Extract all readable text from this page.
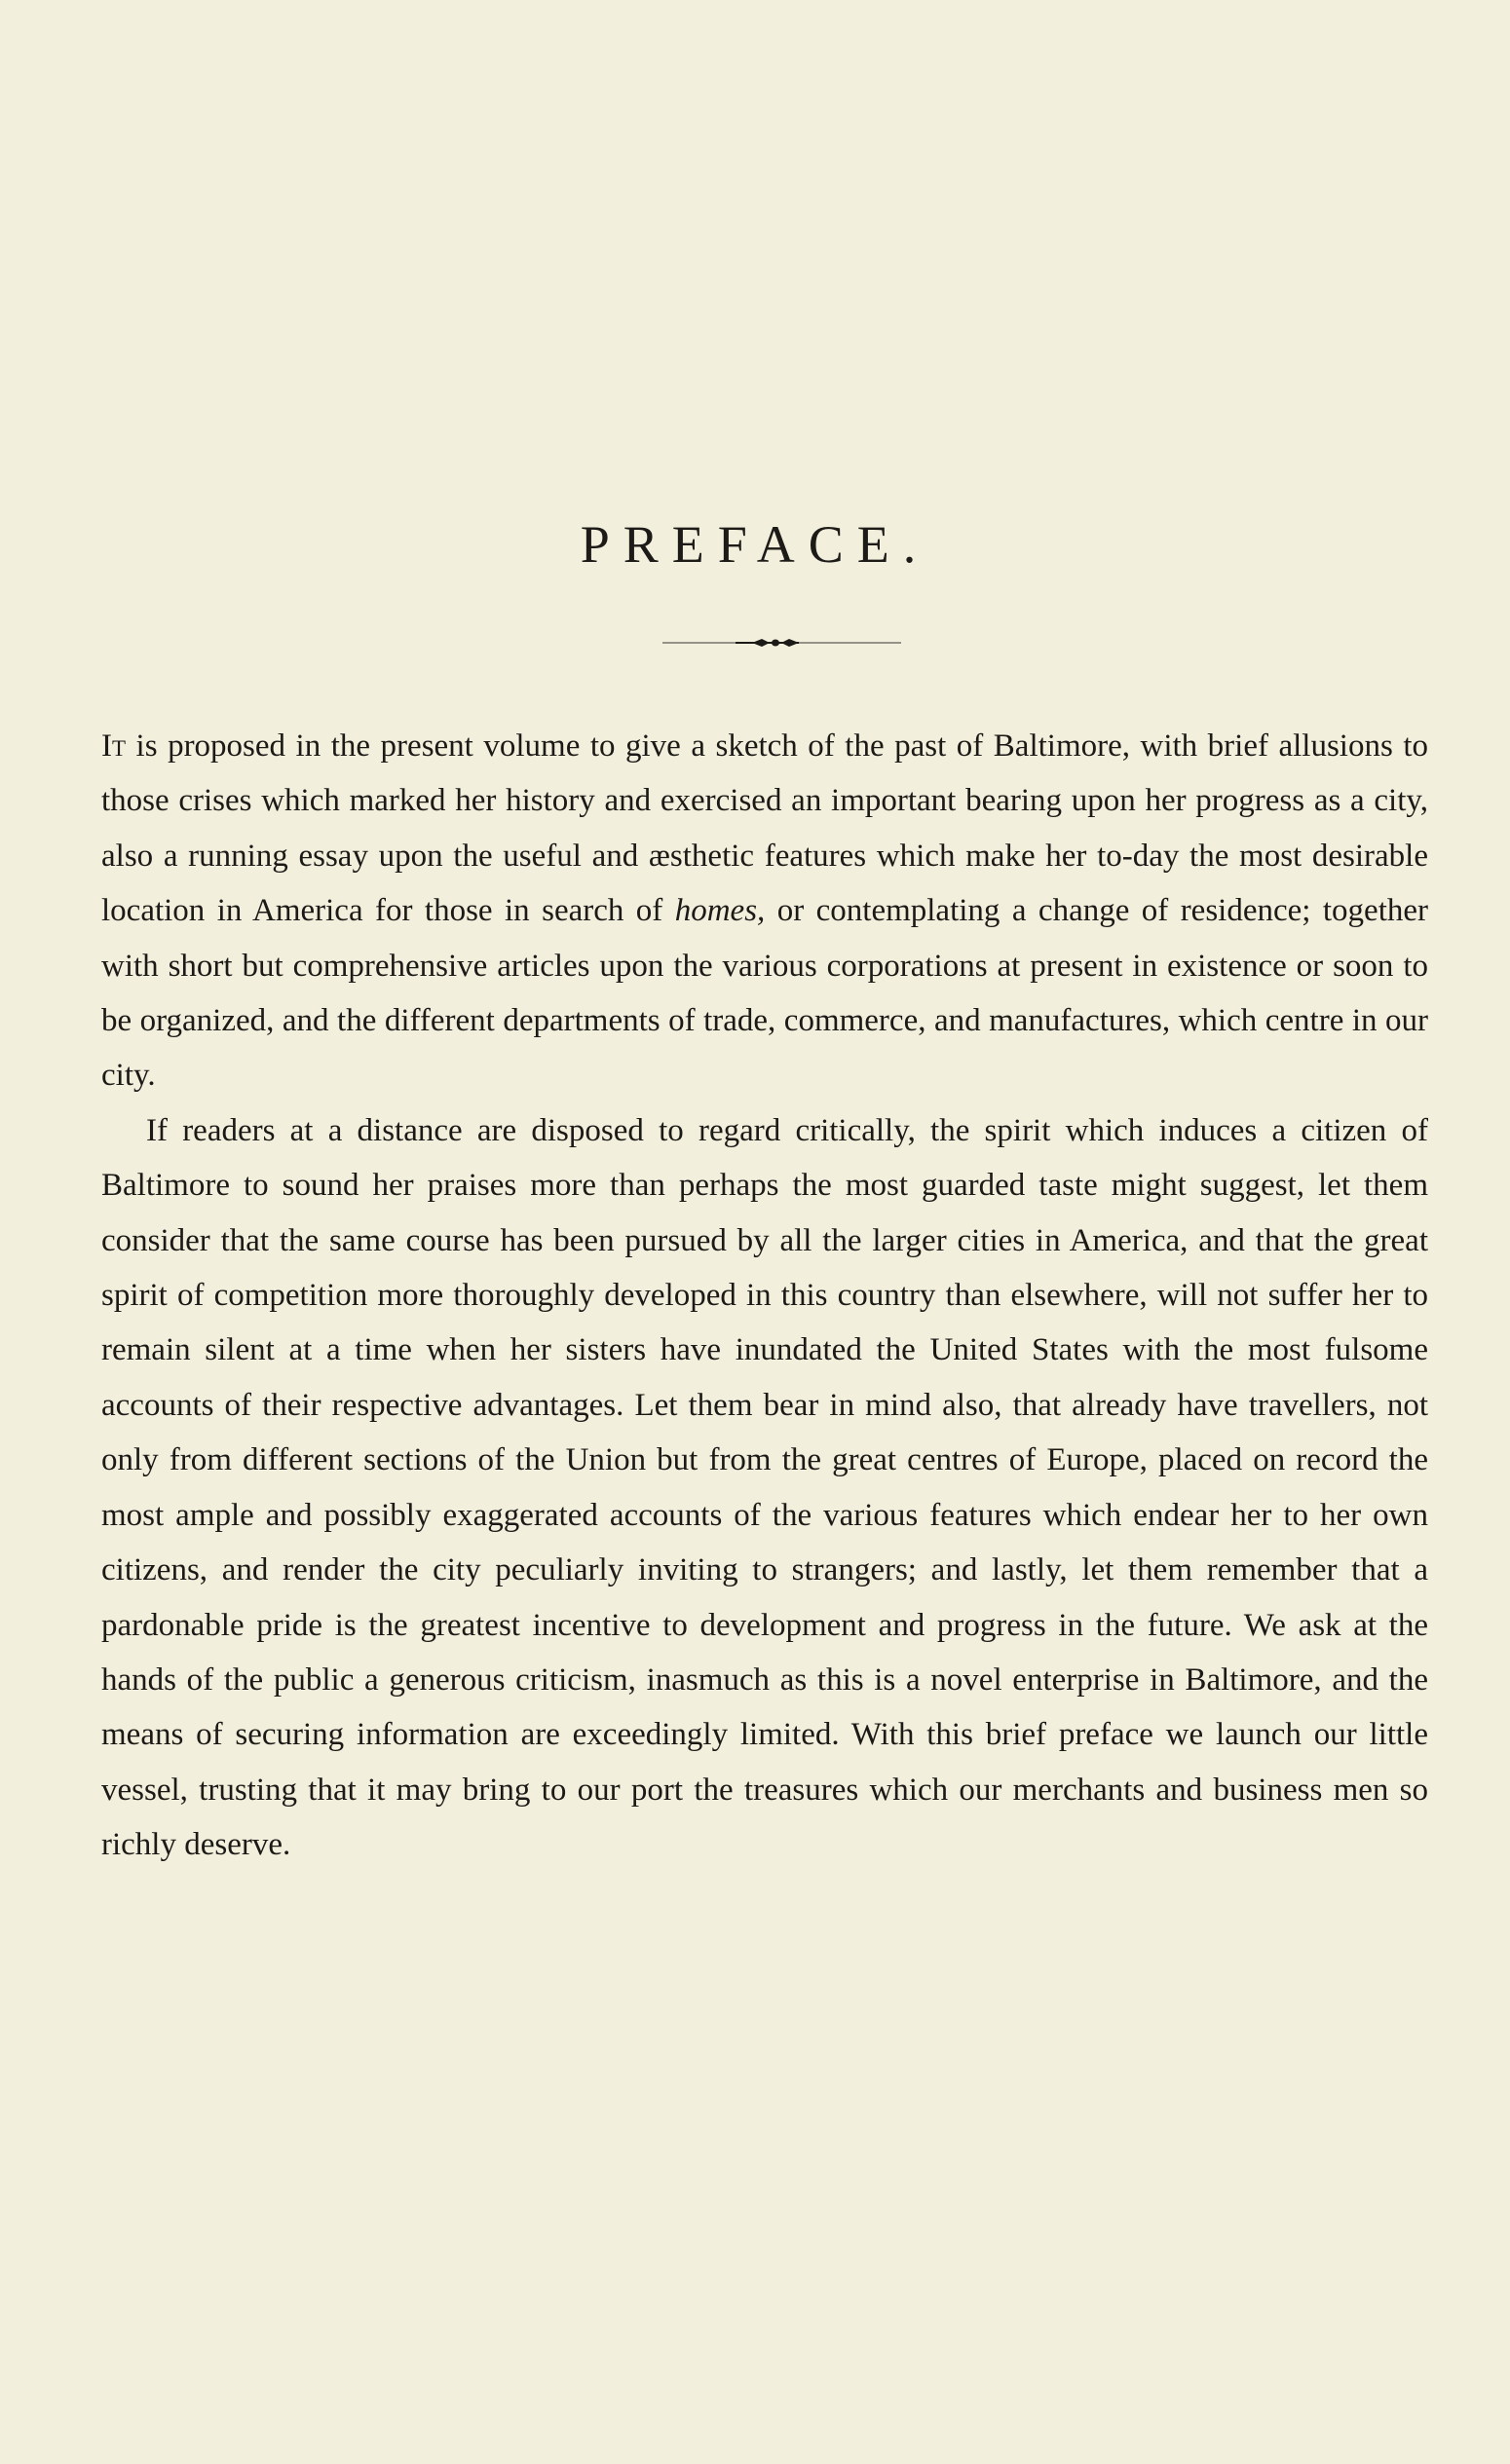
PREFACE.

It is proposed in the present volume to give a sketch of the past of Baltimore, with brief allusions to those crises which marked her history and exercised an important bearing upon her progress as a city, also a running essay upon the useful and æsthetic features which make her to-day the most desirable location in America for those in search of homes, or contemplating a change of residence; together with short but comprehensive articles upon the various corporations at present in existence or soon to be organized, and the different departments of trade, commerce, and manufactures, which centre in our city.

If readers at a distance are disposed to regard critically, the spirit which induces a citizen of Baltimore to sound her praises more than perhaps the most guarded taste might suggest, let them consider that the same course has been pursued by all the larger cities in America, and that the great spirit of competition more thoroughly developed in this country than elsewhere, will not suffer her to remain silent at a time when her sisters have inundated the United States with the most fulsome accounts of their respective advantages. Let them bear in mind also, that already have travellers, not only from different sections of the Union but from the great centres of Europe, placed on record the most ample and possibly exaggerated accounts of the various features which endear her to her own citizens, and render the city peculiarly inviting to strangers; and lastly, let them remember that a pardonable pride is the greatest incentive to development and progress in the future. We ask at the hands of the public a generous criticism, inasmuch as this is a novel enterprise in Baltimore, and the means of securing information are exceedingly limited. With this brief preface we launch our little vessel, trusting that it may bring to our port the treasures which our merchants and business men so richly deserve.
